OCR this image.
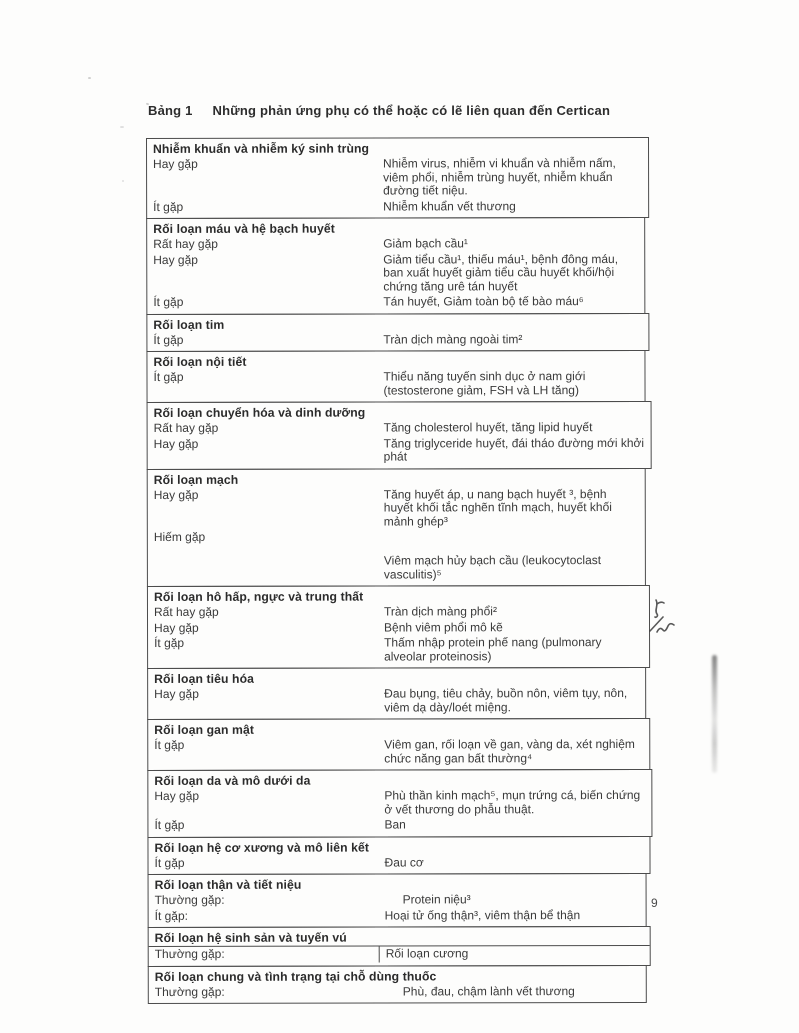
Bảng 1 Những phản ứng phụ có thể hoặc có lẽ liên quan đến Certican
Nhiễm khuẩn và nhiễm ký sinh trùng
Hay gặp	Nhiễm virus, nhiễm vi khuẩn và nhiễm nấm, viêm phổi, nhiễm trùng huyết, nhiễm khuẩn đường tiết niệu.
Ít gặp	Nhiễm khuẩn vết thương
Rối loạn máu và hệ bạch huyết
Rất hay gặp	Giảm bạch cầu¹
Hay gặp	Giảm tiểu cầu¹, thiếu máu¹, bệnh đông máu, ban xuất huyết giảm tiểu cầu huyết khối/hội chứng tăng urê tán huyết
Ít gặp	Tán huyết, Giảm toàn bộ tế bào máu⁶
Rối loạn tim
Ít gặp	Tràn dịch màng ngoài tim²
Rối loạn nội tiết
Ít gặp	Thiểu năng tuyến sinh dục ở nam giới (testosterone giảm, FSH và LH tăng)
Rối loạn chuyển hóa và dinh dưỡng
Rất hay gặp	Tăng cholesterol huyết, tăng lipid huyết
Hay gặp	Tăng triglyceride huyết, đái tháo đường mới khởi phát
Rối loạn mạch
Hay gặp	Tăng huyết áp, u nang bạch huyết ³, bệnh huyết khối tắc nghẽn tĩnh mạch, huyết khối mảnh ghép³
Hiếm gặp
Viêm mạch hủy bạch cầu (leukocytoclast vasculitis)⁵
Rối loạn hô hấp, ngực và trung thất
Rất hay gặp	Tràn dịch màng phổi²
Hay gặp	Bệnh viêm phổi mô kẽ
Ít gặp	Thấm nhập protein phế nang (pulmonary alveolar proteinosis)
Rối loạn tiêu hóa
Hay gặp	Đau bụng, tiêu chảy, buồn nôn, viêm tụy, nôn, viêm dạ dày/loét miệng.
Rối loạn gan mật
Ít gặp	Viêm gan, rối loạn về gan, vàng da, xét nghiệm chức năng gan bất thường⁴
Rối loạn da và mô dưới da
Hay gặp	Phù thần kinh mạch⁵, mụn trứng cá, biến chứng ở vết thương do phẫu thuật.
Ít gặp	Ban
Rối loạn hệ cơ xương và mô liên kết
Ít gặp	Đau cơ
Rối loạn thận và tiết niệu
Thường gặp:	Protein niệu³
Ít gặp:	Hoại tử ống thận³, viêm thận bể thận
Rối loạn hệ sinh sản và tuyến vú
Thường gặp:	Rối loạn cương
Rối loạn chung và tình trạng tại chỗ dùng thuốc
Thường gặp:	Phù, đau, chậm lành vết thương
9
